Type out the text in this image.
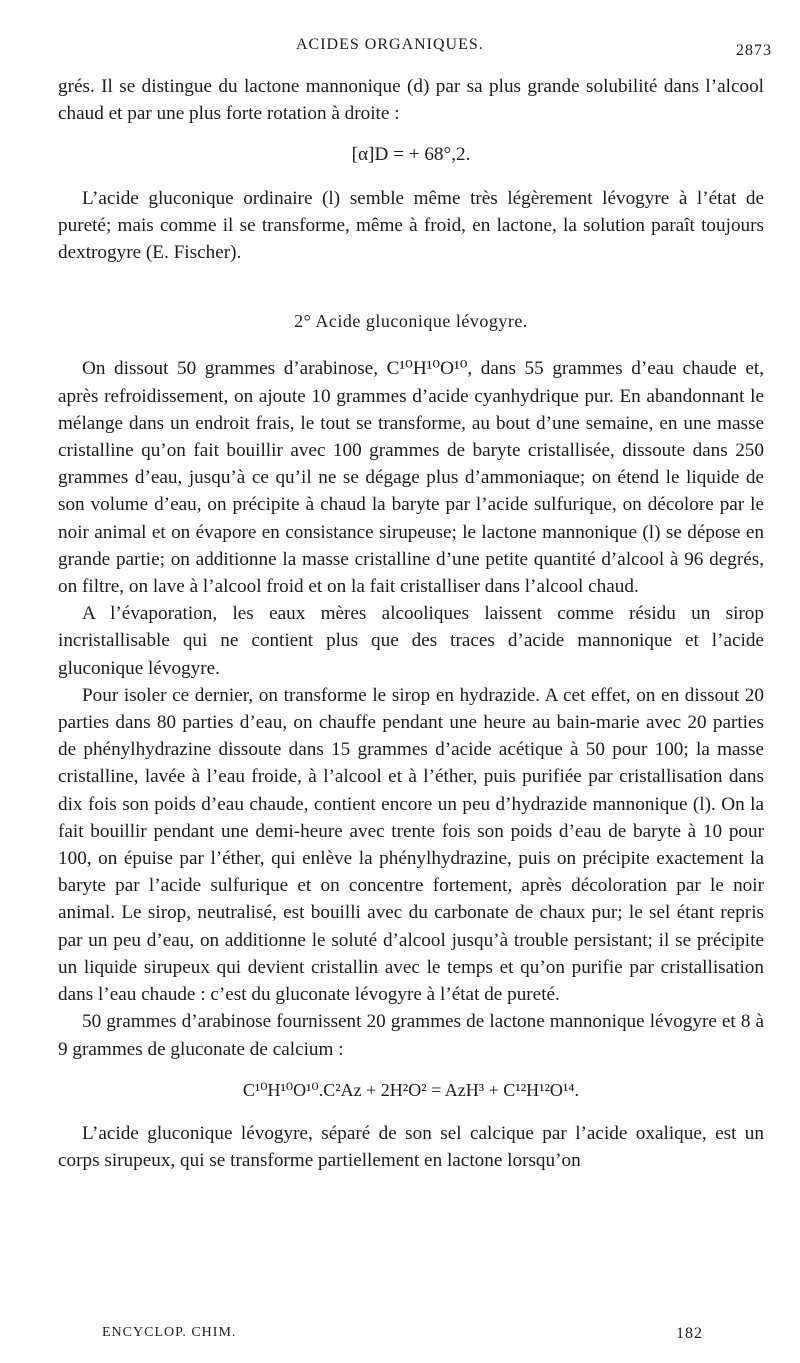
ACIDES ORGANIQUES.	2873

grés. Il se distingue du lactone mannonique (d) par sa plus grande solubilité dans l’alcool chaud et par une plus forte rotation à droite :

[α]D = + 68°,2.

L’acide gluconique ordinaire (l) semble même très légèrement lévogyre à l’état de pureté; mais comme il se transforme, même à froid, en lactone, la solution paraît toujours dextrogyre (E. Fischer).

2° Acide gluconique lévogyre.

On dissout 50 grammes d’arabinose, C¹⁰H¹⁰O¹⁰, dans 55 grammes d’eau chaude et, après refroidissement, on ajoute 10 grammes d’acide cyanhydrique pur. En abandonnant le mélange dans un endroit frais, le tout se transforme, au bout d’une semaine, en une masse cristalline qu’on fait bouillir avec 100 grammes de baryte cristallisée, dissoute dans 250 grammes d’eau, jusqu’à ce qu’il ne se dégage plus d’ammoniaque; on étend le liquide de son volume d’eau, on précipite à chaud la baryte par l’acide sulfurique, on décolore par le noir animal et on évapore en consistance sirupeuse; le lactone mannonique (l) se dépose en grande partie; on additionne la masse cristalline d’une petite quantité d’alcool à 96 degrés, on filtre, on lave à l’alcool froid et on la fait cristalliser dans l’alcool chaud.

A l’évaporation, les eaux mères alcooliques laissent comme résidu un sirop incristallisable qui ne contient plus que des traces d’acide mannonique et l’acide gluconique lévogyre.

Pour isoler ce dernier, on transforme le sirop en hydrazide. A cet effet, on en dissout 20 parties dans 80 parties d’eau, on chauffe pendant une heure au bain-marie avec 20 parties de phénylhydrazine dissoute dans 15 grammes d’acide acétique à 50 pour 100; la masse cristalline, lavée à l’eau froide, à l’alcool et à l’éther, puis purifiée par cristallisation dans dix fois son poids d’eau chaude, contient encore un peu d’hydrazide mannonique (l). On la fait bouillir pendant une demi-heure avec trente fois son poids d’eau de baryte à 10 pour 100, on épuise par l’éther, qui enlève la phénylhydrazine, puis on précipite exactement la baryte par l’acide sulfurique et on concentre fortement, après décoloration par le noir animal. Le sirop, neutralisé, est bouilli avec du carbonate de chaux pur; le sel étant repris par un peu d’eau, on additionne le soluté d’alcool jusqu’à trouble persistant; il se précipite un liquide sirupeux qui devient cristallin avec le temps et qu’on purifie par cristallisation dans l’eau chaude : c’est du gluconate lévogyre à l’état de pureté.

50 grammes d’arabinose fournissent 20 grammes de lactone mannonique lévogyre et 8 à 9 grammes de gluconate de calcium :

C¹⁰H¹⁰O¹⁰.C²Az + 2H²O² = AzH³ + C¹²H¹²O¹⁴.

L’acide gluconique lévogyre, séparé de son sel calcique par l’acide oxalique, est un corps sirupeux, qui se transforme partiellement en lactone lorsqu’on

ENCYCLOP. CHIM.	182
